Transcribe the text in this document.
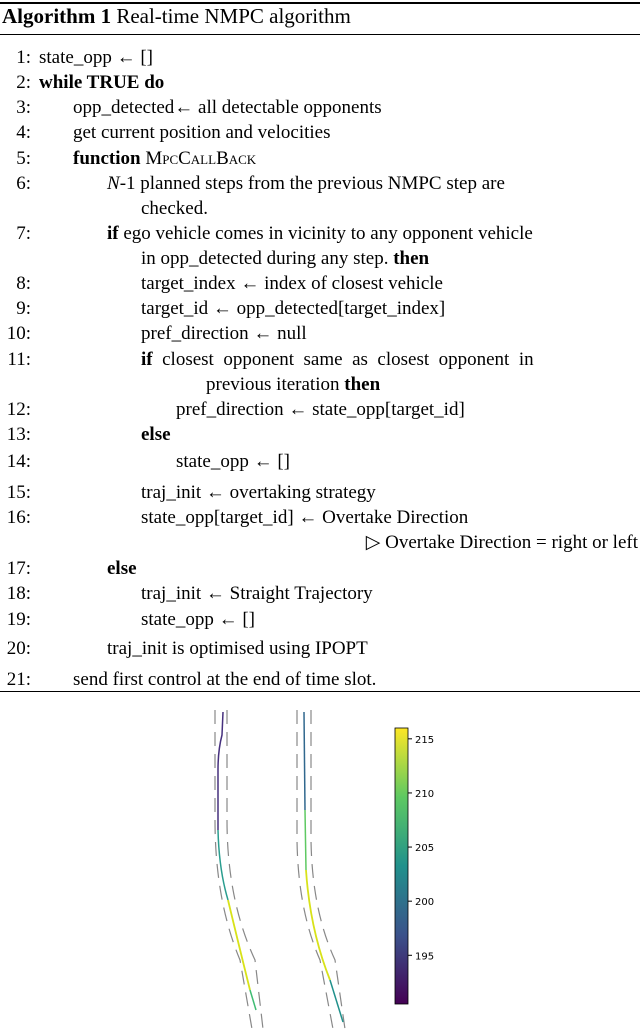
Algorithm 1 Real-time NMPC algorithm
1: state_opp ← []
2: while TRUE do
3: opp_detected← all detectable opponents
4: get current position and velocities
5: function MpcCallBack
6:	N-1 planned steps from the previous NMPC step are
checked.
7:	if ego vehicle comes in vicinity to any opponent vehicle
in opp_detected during any step. then
8:	target_index ← index of closest vehicle
9:	target_id ← opp_detected[target_index]
10:	pref_direction ← null
11:	if  closest  opponent  same  as  closest  opponent  in
previous iteration then
12:	pref_direction ← state_opp[target_id]
13:	else
14:	state_opp ← []
15:	traj_init ← overtaking strategy
16:	state_opp[target_id] ← Overtake Direction
▷ Overtake Direction = right or left
17:	else
18:	traj_init ← Straight Trajectory
19:	state_opp ← []
20:	traj_init is optimised using IPOPT
21: send first control at the end of time slot.
195
200
205
210
215
